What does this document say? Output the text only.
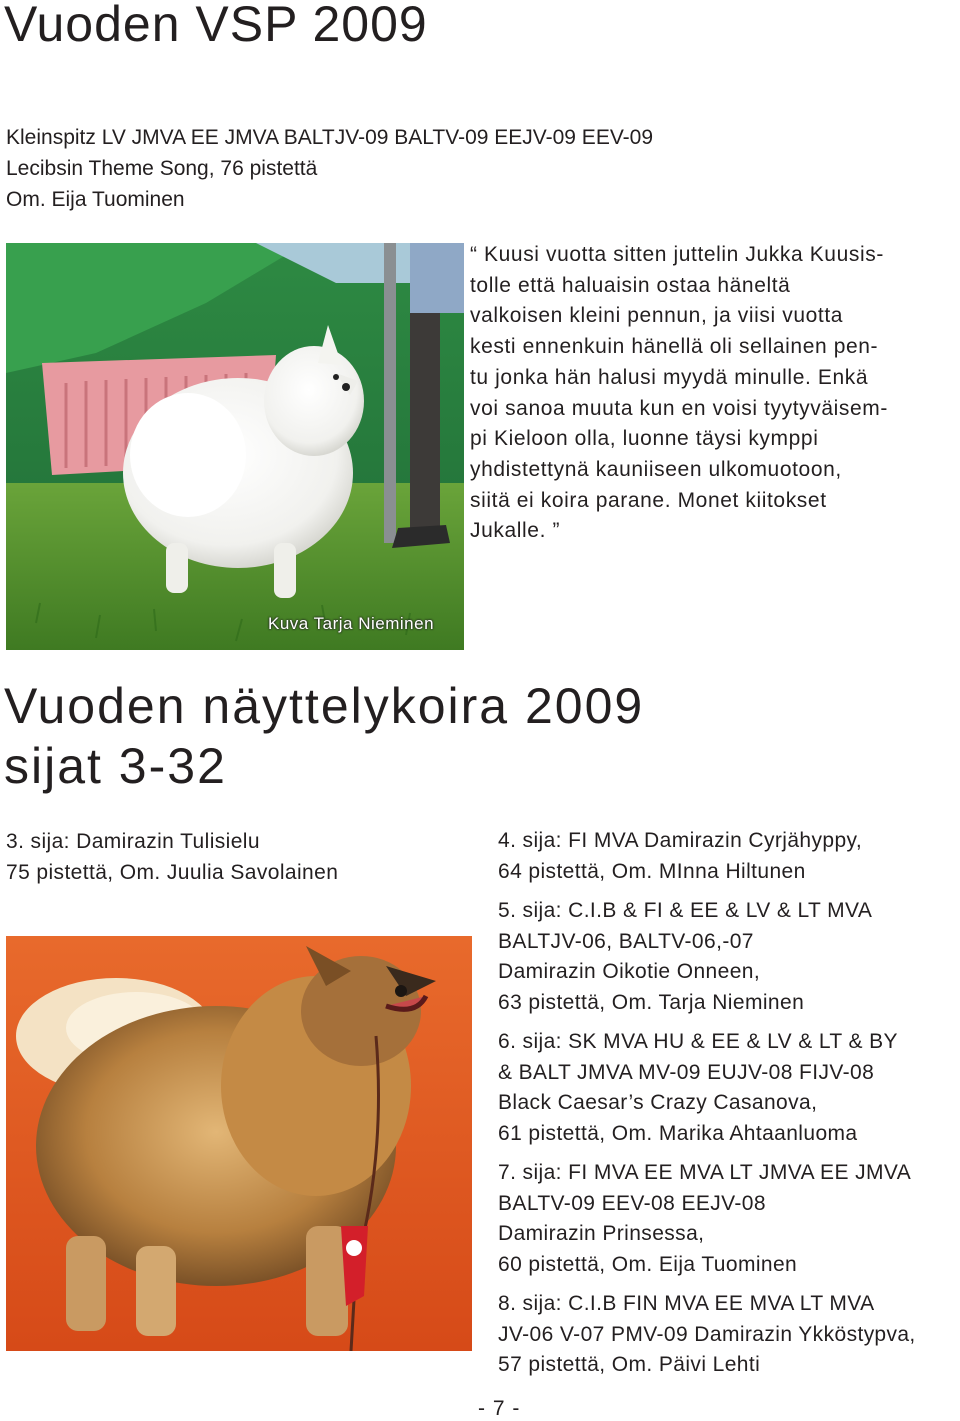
Vuoden VSP 2009
Kleinspitz LV JMVA EE JMVA BALTJV-09 BALTV-09 EEJV-09 EEV-09
Lecibsin Theme Song, 76 pistettä
Om. Eija Tuominen
Kuva Tarja Nieminen
“ Kuusi vuotta sitten juttelin Jukka Kuusis-
tolle että haluaisin ostaa häneltä
valkoisen kleini pennun, ja viisi vuotta
kesti ennenkuin hänellä oli sellainen pen-
tu jonka hän halusi myydä minulle. Enkä
voi sanoa muuta kun en voisi tyytyväisem-
pi Kieloon olla, luonne täysi kymppi
yhdistettynä kauniiseen ulkomuotoon,
siitä ei koira parane. Monet kiitokset
Jukalle. ”
Vuoden näyttelykoira 2009
sijat 3-32
3. sija: Damirazin Tulisielu
75 pistettä, Om. Juulia Savolainen
4. sija: FI MVA Damirazin Cyrjähyppy,
64 pistettä, Om. MInna Hiltunen
5. sija: C.I.B & FI & EE & LV & LT MVA
BALTJV-06, BALTV-06,-07
Damirazin Oikotie Onneen,
63 pistettä, Om. Tarja Nieminen
6. sija: SK MVA HU & EE & LV & LT & BY
& BALT JMVA MV-09 EUJV-08 FIJV-08
Black Caesar’s Crazy Casanova,
61 pistettä, Om. Marika Ahtaanluoma
7. sija: FI MVA EE MVA LT JMVA EE JMVA
BALTV-09 EEV-08 EEJV-08
Damirazin Prinsessa,
60 pistettä, Om. Eija Tuominen
8. sija: C.I.B FIN MVA EE MVA LT MVA
JV-06 V-07 PMV-09 Damirazin Ykköstурva,
57 pistettä, Om. Päivi Lehti
- 7 -
